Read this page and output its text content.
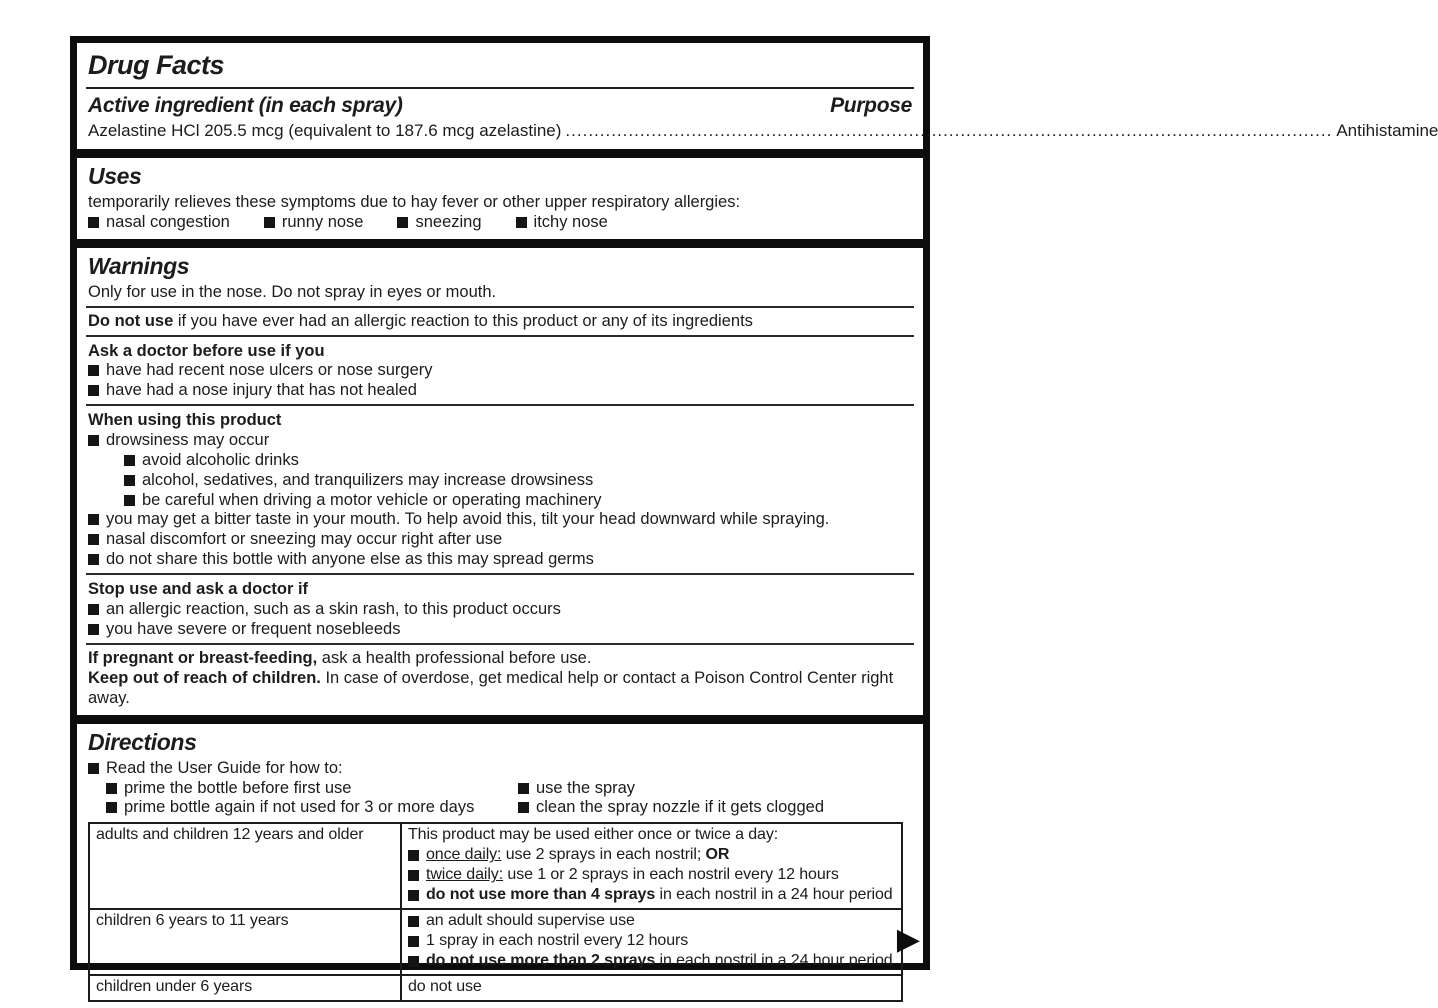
Drug Facts
Active ingredient (in each spray)	Purpose
Azelastine HCl 205.5 mcg (equivalent to 187.6 mcg azelastine) .....	Antihistamine
Uses
temporarily relieves these symptoms due to hay fever or other upper respiratory allergies:
nasal congestion	runny nose	sneezing	itchy nose
Warnings
Only for use in the nose. Do not spray in eyes or mouth.
Do not use if you have ever had an allergic reaction to this product or any of its ingredients
Ask a doctor before use if you
have had recent nose ulcers or nose surgery
have had a nose injury that has not healed
When using this product
drowsiness may occur
avoid alcoholic drinks
alcohol, sedatives, and tranquilizers may increase drowsiness
be careful when driving a motor vehicle or operating machinery
you may get a bitter taste in your mouth. To help avoid this, tilt your head downward while spraying.
nasal discomfort or sneezing may occur right after use
do not share this bottle with anyone else as this may spread germs
Stop use and ask a doctor if
an allergic reaction, such as a skin rash, to this product occurs
you have severe or frequent nosebleeds
If pregnant or breast-feeding, ask a health professional before use.
Keep out of reach of children. In case of overdose, get medical help or contact a Poison Control Center right away.
Directions
Read the User Guide for how to:
prime the bottle before first use
prime bottle again if not used for 3 or more days
use the spray
clean the spray nozzle if it gets clogged
adults and children 12 years and older	This product may be used either once or twice a day:
once daily: use 2 sprays in each nostril; OR
twice daily: use 1 or 2 sprays in each nostril every 12 hours
do not use more than 4 sprays in each nostril in a 24 hour period

children 6 years to 11 years	an adult should supervise use
1 spray in each nostril every 12 hours
do not use more than 2 sprays in each nostril in a 24 hour period

children under 6 years	do not use
▶
